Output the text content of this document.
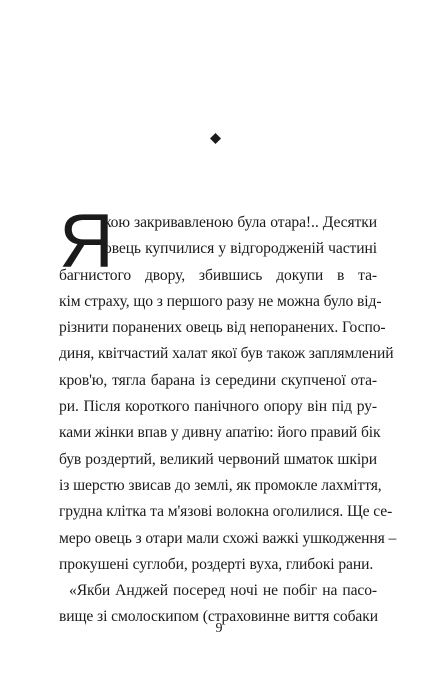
Я
кою закривавленою була отара!.. Десятки
овець купчилися у відгородженій частині
багнистого двору, збившись докупи в та-
кім страху, що з першого разу не можна було від-
різнити поранених овець від непоранених. Госпо-
диня, квітчастий халат якої був також заплямлений
кров'ю, тягла барана із середини скупченої ота-
ри. Після короткого панічного опору він під ру-
ками жінки впав у дивну апатію: його правий бік
був роздертий, великий червоний шматок шкіри
із шерстю звисав до землі, як промокле лахміття,
грудна клітка та м'язові волокна оголилися. Ще се-
меро овець з отари мали схожі важкі ушкодження –
прокушені суглоби, роздерті вуха, глибокі рани.
«Якби Анджей посеред ночі не побіг на пасо-
вище зі смолоскипом (страховинне виття собаки
9
